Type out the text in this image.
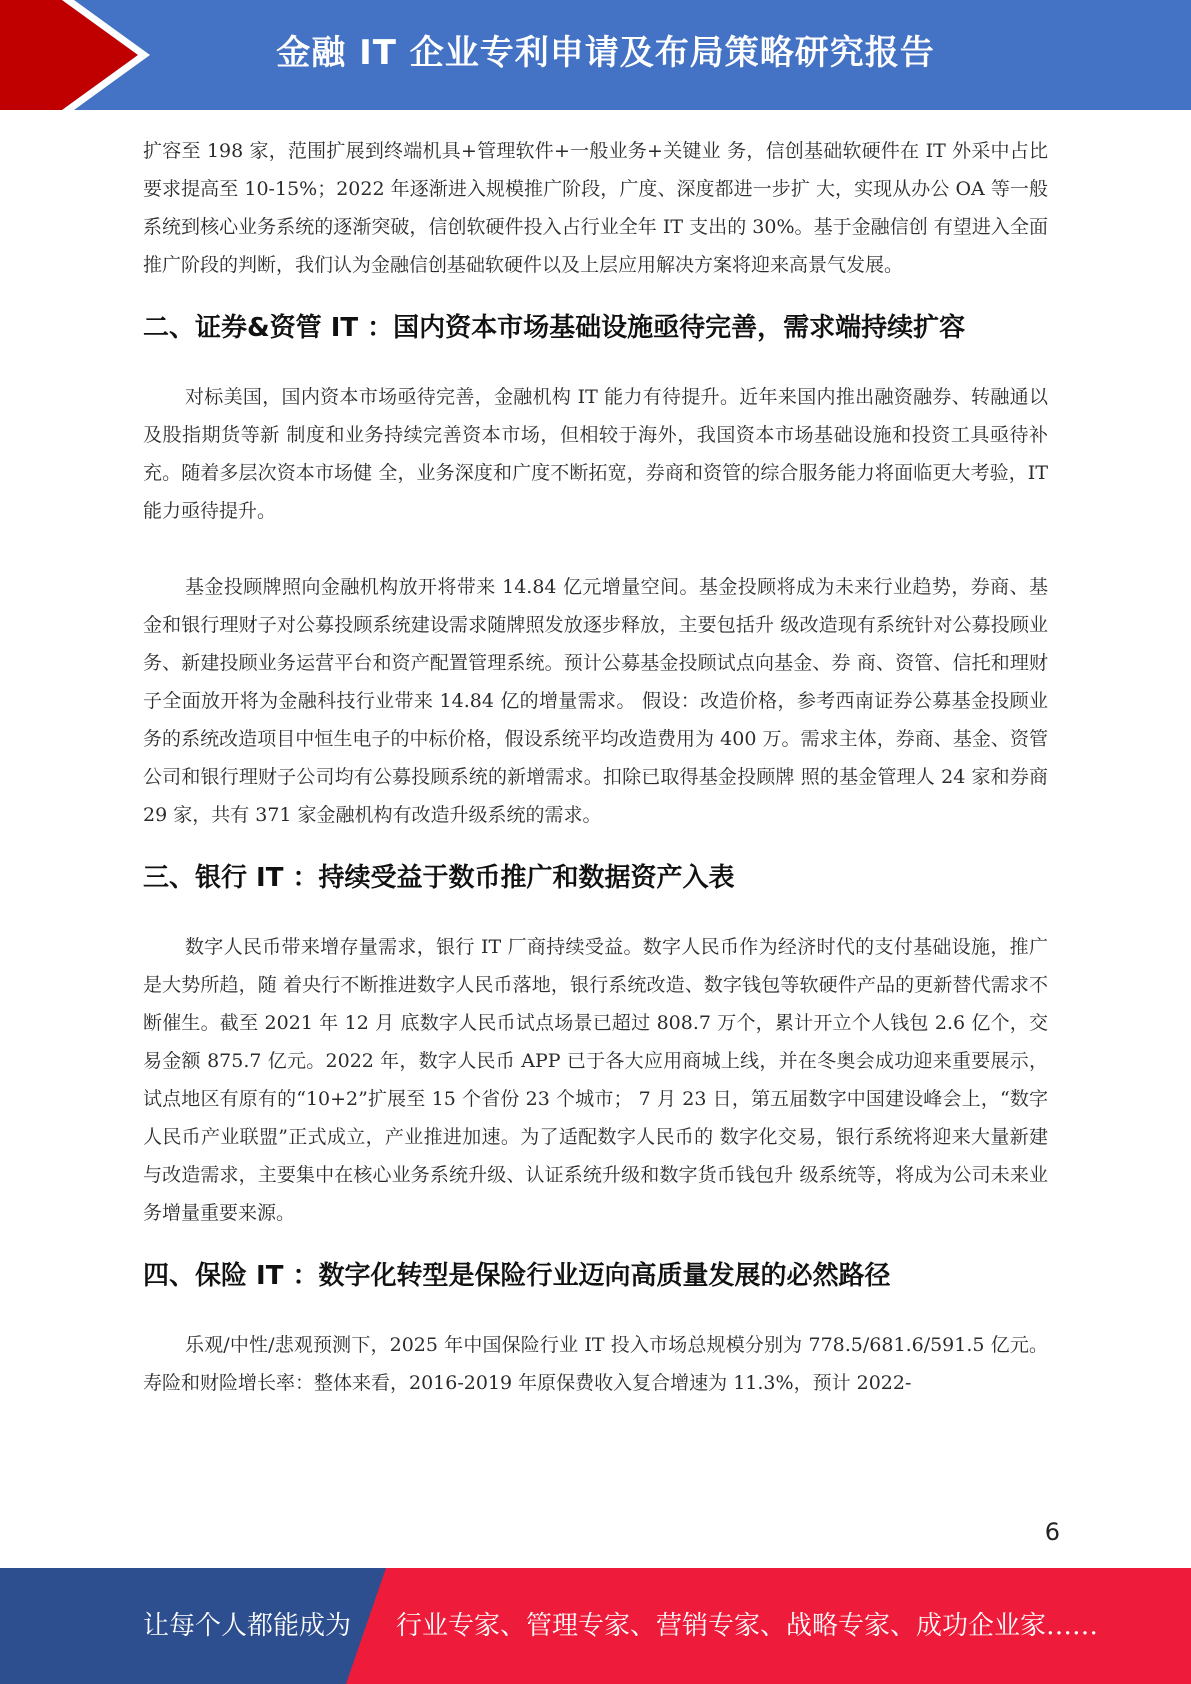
金融 IT 企业专利申请及布局策略研究报告

扩容至 198 家，范围扩展到终端机具+管理软件+一般业务+关键业 务，信创基础软硬件在 IT 外采中占比要求提高至 10-15%；2022 年逐渐进入规模推广阶段，广度、深度都进一步扩 大，实现从办公 OA 等一般系统到核心业务系统的逐渐突破，信创软硬件投入占行业全年 IT 支出的 30%。基于金融信创 有望进入全面推广阶段的判断，我们认为金融信创基础软硬件以及上层应用解决方案将迎来高景气发展。

二、证券&资管 IT ：国内资本市场基础设施亟待完善，需求端持续扩容

对标美国，国内资本市场亟待完善，金融机构 IT 能力有待提升。近年来国内推出融资融券、转融通以及股指期货等新 制度和业务持续完善资本市场，但相较于海外，我国资本市场基础设施和投资工具亟待补充。随着多层次资本市场健 全，业务深度和广度不断拓宽，券商和资管的综合服务能力将面临更大考验，IT 能力亟待提升。

基金投顾牌照向金融机构放开将带来 14.84 亿元增量空间。基金投顾将成为未来行业趋势，券商、基金和银行理财子对公募投顾系统建设需求随牌照发放逐步释放，主要包括升 级改造现有系统针对公募投顾业务、新建投顾业务运营平台和资产配置管理系统。预计公募基金投顾试点向基金、券 商、资管、信托和理财子全面放开将为金融科技行业带来 14.84 亿的增量需求。 假设：改造价格，参考西南证券公募基金投顾业务的系统改造项目中恒生电子的中标价格，假设系统平均改造费用为 400 万。需求主体，券商、基金、资管公司和银行理财子公司均有公募投顾系统的新增需求。扣除已取得基金投顾牌 照的基金管理人 24 家和券商 29 家，共有 371 家金融机构有改造升级系统的需求。

三、银行 IT ：持续受益于数币推广和数据资产入表

数字人民币带来增存量需求，银行 IT 厂商持续受益。数字人民币作为经济时代的支付基础设施，推广是大势所趋，随 着央行不断推进数字人民币落地，银行系统改造、数字钱包等软硬件产品的更新替代需求不断催生。截至 2021 年 12 月 底数字人民币试点场景已超过 808.7 万个，累计开立个人钱包 2.6 亿个，交易金额 875.7 亿元。2022 年，数字人民币 APP 已于各大应用商城上线，并在冬奥会成功迎来重要展示，试点地区有原有的“10+2”扩展至 15 个省份 23 个城市； 7 月 23 日，第五届数字中国建设峰会上，“数字人民币产业联盟”正式成立，产业推进加速。为了适配数字人民币的 数字化交易，银行系统将迎来大量新建与改造需求，主要集中在核心业务系统升级、认证系统升级和数字货币钱包升 级系统等，将成为公司未来业务增量重要来源。

四、保险 IT ：数字化转型是保险行业迈向高质量发展的必然路径

乐观/中性/悲观预测下，2025 年中国保险行业 IT 投入市场总规模分别为 778.5/681.6/591.5 亿元。 寿险和财险增长率：整体来看，2016-2019 年原保费收入复合增速为 11.3%，预计 2022-

6
让每个人都能成为 行业专家、管理专家、营销专家、战略专家、成功企业家……
